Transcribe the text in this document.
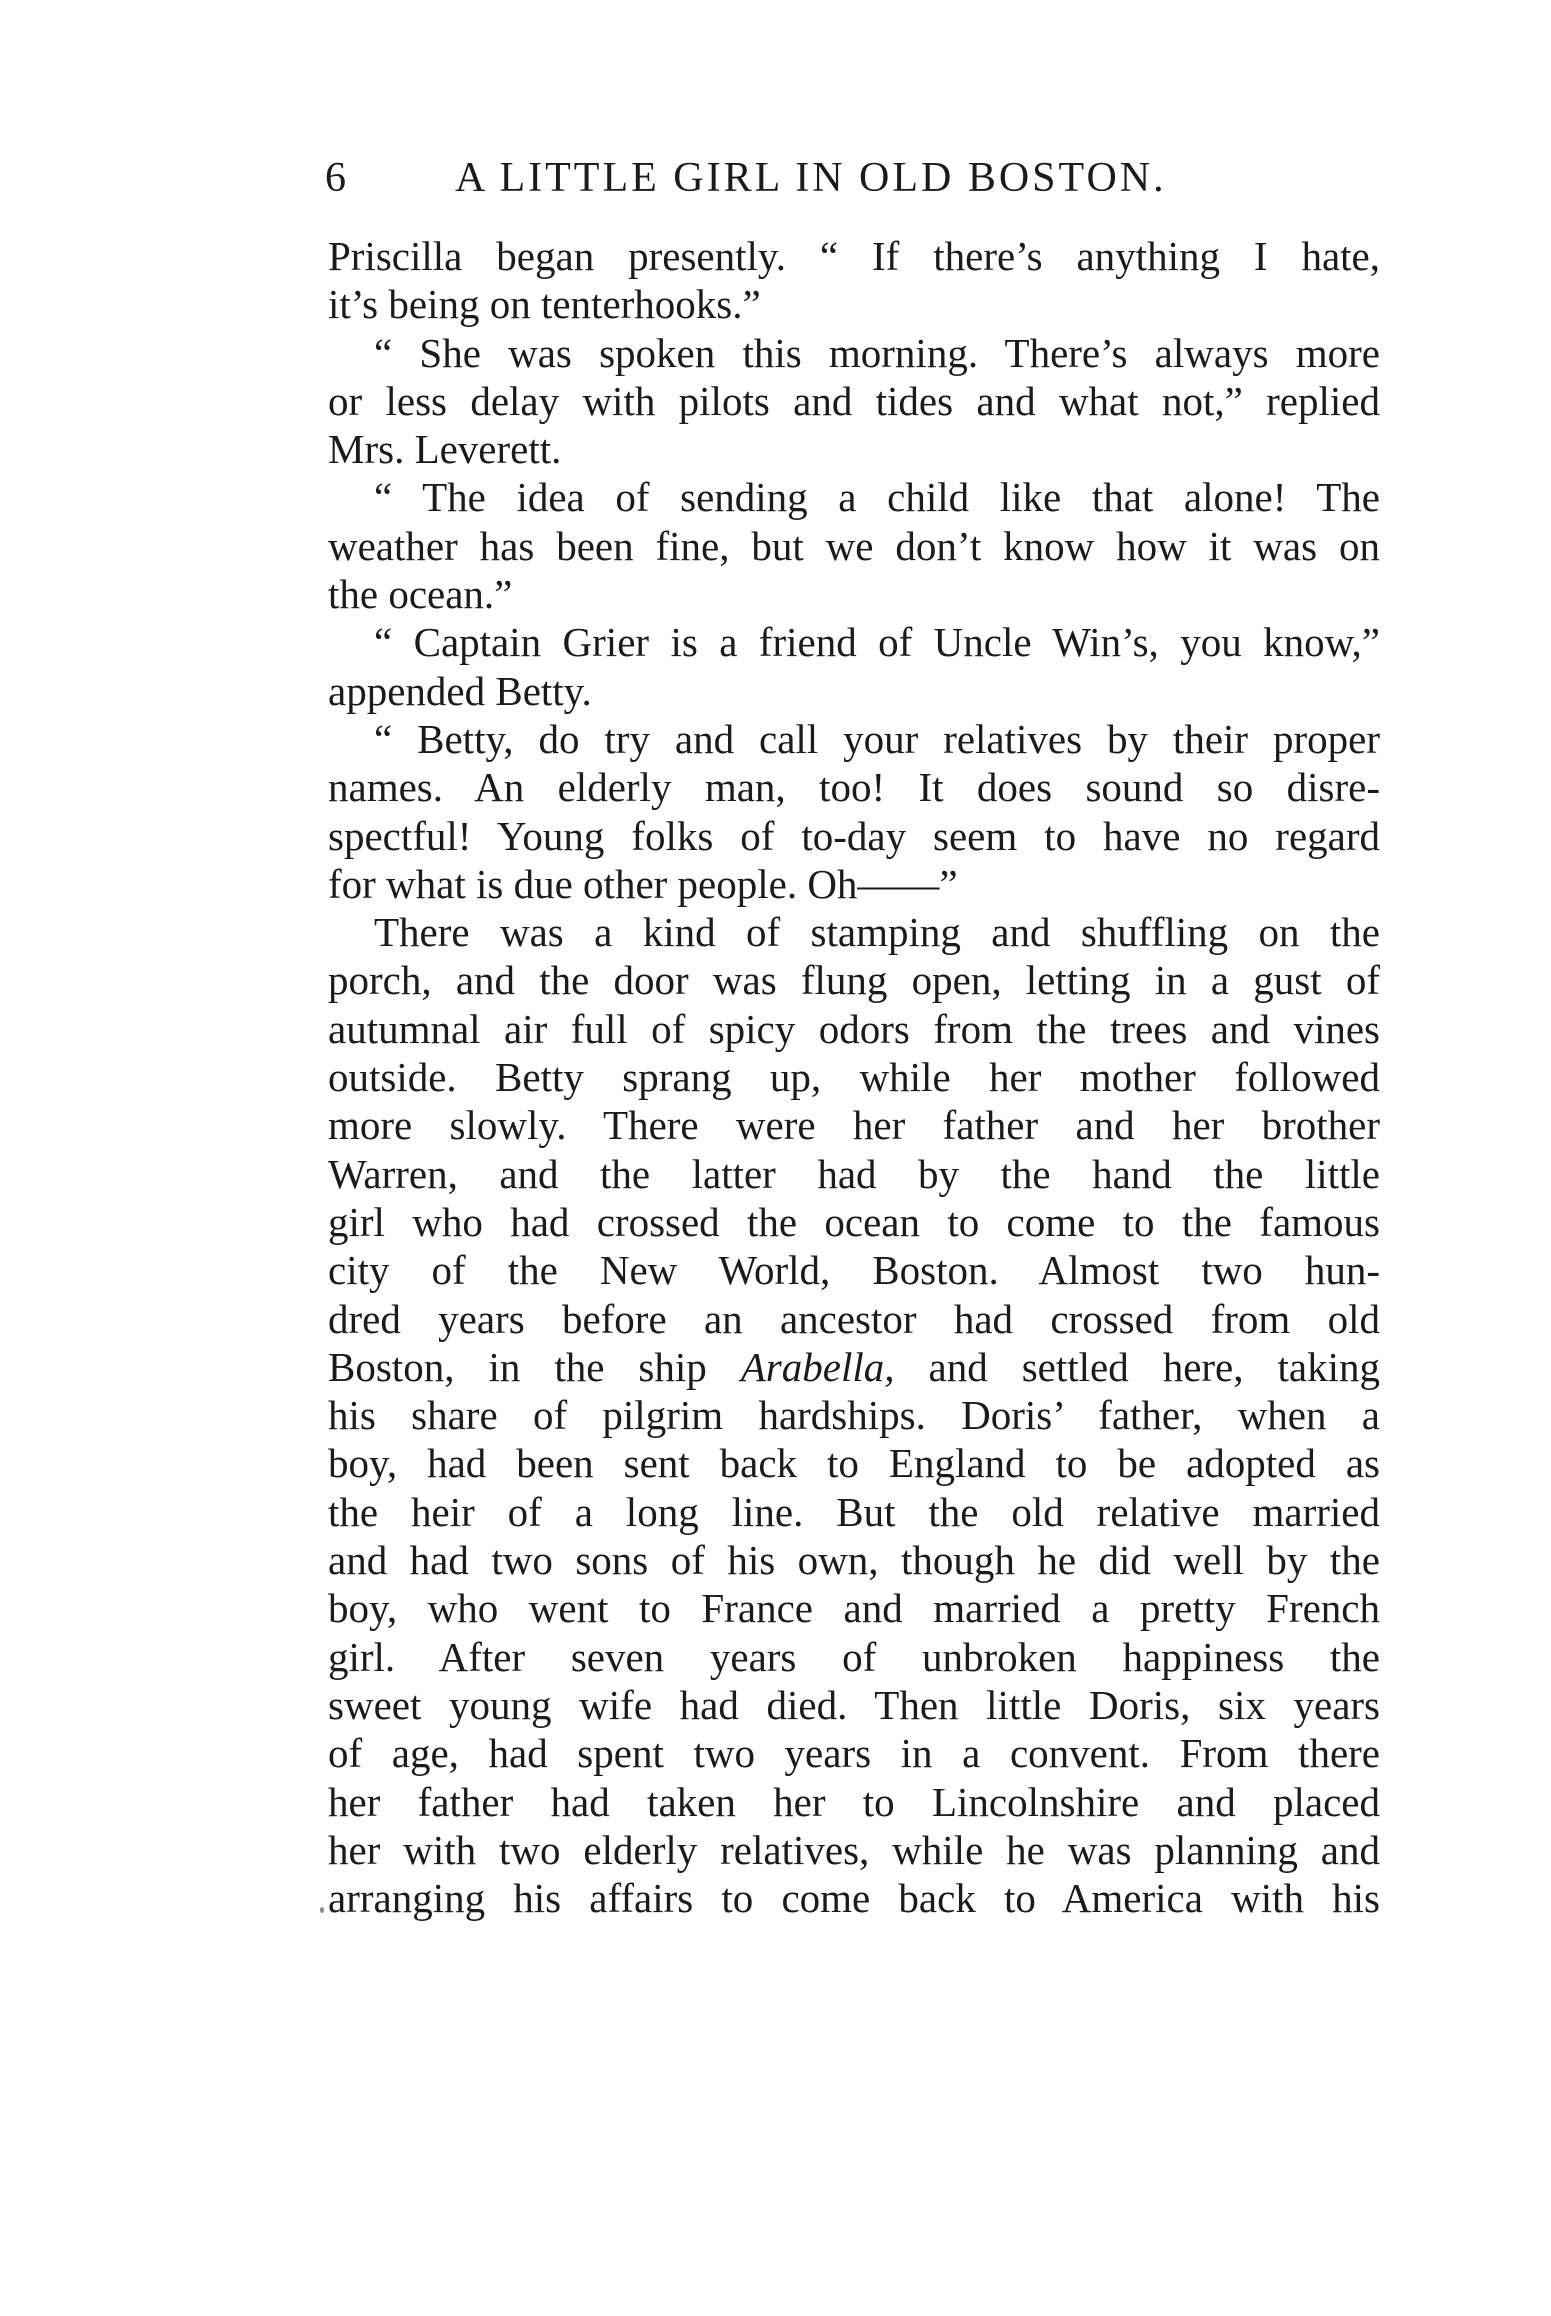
6	A LITTLE GIRL IN OLD BOSTON.
Priscilla began presently. “ If there’s anything I hate,
it’s being on tenterhooks.”
“ She was spoken this morning. There’s always more
or less delay with pilots and tides and what not,” replied
Mrs. Leverett.
“ The idea of sending a child like that alone! The
weather has been fine, but we don’t know how it was on
the ocean.”
“ Captain Grier is a friend of Uncle Win’s, you know,”
appended Betty.
“ Betty, do try and call your relatives by their proper
names. An elderly man, too! It does sound so disre-
spectful! Young folks of to-day seem to have no regard
for what is due other people. Oh——”
There was a kind of stamping and shuffling on the
porch, and the door was flung open, letting in a gust of
autumnal air full of spicy odors from the trees and vines
outside. Betty sprang up, while her mother followed
more slowly. There were her father and her brother
Warren, and the latter had by the hand the little
girl who had crossed the ocean to come to the famous
city of the New World, Boston. Almost two hun-
dred years before an ancestor had crossed from old
Boston, in the ship Arabella, and settled here, taking
his share of pilgrim hardships. Doris’ father, when a
boy, had been sent back to England to be adopted as
the heir of a long line. But the old relative married
and had two sons of his own, though he did well by the
boy, who went to France and married a pretty French
girl. After seven years of unbroken happiness the
sweet young wife had died. Then little Doris, six years
of age, had spent two years in a convent. From there
her father had taken her to Lincolnshire and placed
her with two elderly relatives, while he was planning and
arranging his affairs to come back to America with his
